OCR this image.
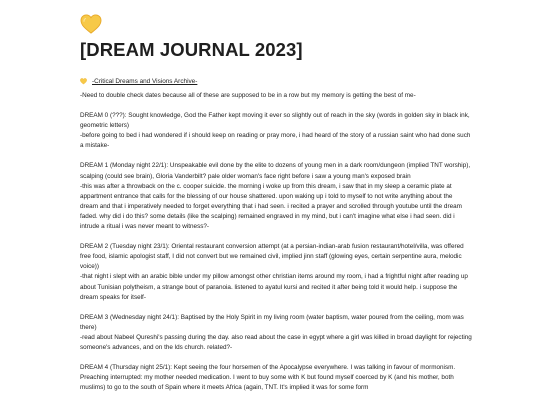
[DREAM JOURNAL 2023]
-Critical Dreams and Visions Archive-

-Need to double check dates because all of these are supposed to be in a row but my memory is getting the best of me-

DREAM 0 (???): Sought knowledge, God the Father kept moving it ever so slightly out of reach in the sky (words in golden sky in black ink, geometric letters)

-before going to bed i had wondered if i should keep on reading or pray more, i had heard of the story of a russian saint who had done such a mistake-

DREAM 1 (Monday night 22/1): Unspeakable evil done by the elite to dozens of young men in a dark room/dungeon (implied TNT worship), scalping (could see brain), Gloria Vanderbilt? pale older woman's face right before i saw a young man's exposed brain

-this was after a throwback on the c. cooper suicide. the morning i woke up from this dream, i saw that in my sleep a ceramic plate at appartment entrance that calls for the blessing of our house shattered. upon waking up i told to myself to not write anything about the dream and that i imperatively needed to forget everything that i had seen. i recited a prayer and scrolled through youtube until the dream faded. why did i do this? some details (like the scalping) remained engraved in my mind, but i can't imagine what else i had seen. did i intrude a ritual i was never meant to witness?-

DREAM 2 (Tuesday night 23/1): Oriental restaurant conversion attempt (at a persian-indian-arab fusion restaurant/hotel/villa, was offered free food, islamic apologist staff, I did not convert but we remained civil, implied jinn staff (glowing eyes, certain serpentine aura, melodic voice))

-that night i slept with an arabic bible under my pillow amongst other christian items around my room, i had a frightful night after reading up about Tunisian polytheism, a strange bout of paranoia. listened to ayatul kursi and recited it after being told it would help. i suppose the dream speaks for itself-

DREAM 3 (Wednesday night 24/1): Baptised by the Holy Spirit in my living room (water baptism, water poured from the ceiling, mom was there)

-read about Nabeel Qureshi's passing during the day. also read about the case in egypt where a girl was killed in broad daylight for rejecting someone's advances, and on the lds church. related?-

DREAM 4 (Thursday night 25/1): Kept seeing the four horsemen of the Apocalypse everywhere. I was talking in favour of mormonism. Preaching interrupted: my mother needed medication. I went to buy some with K but found myself coerced by K (and his mother, both muslims) to go to the south of Spain where it meets Africa (again, TNT. It's implied it was for some form
